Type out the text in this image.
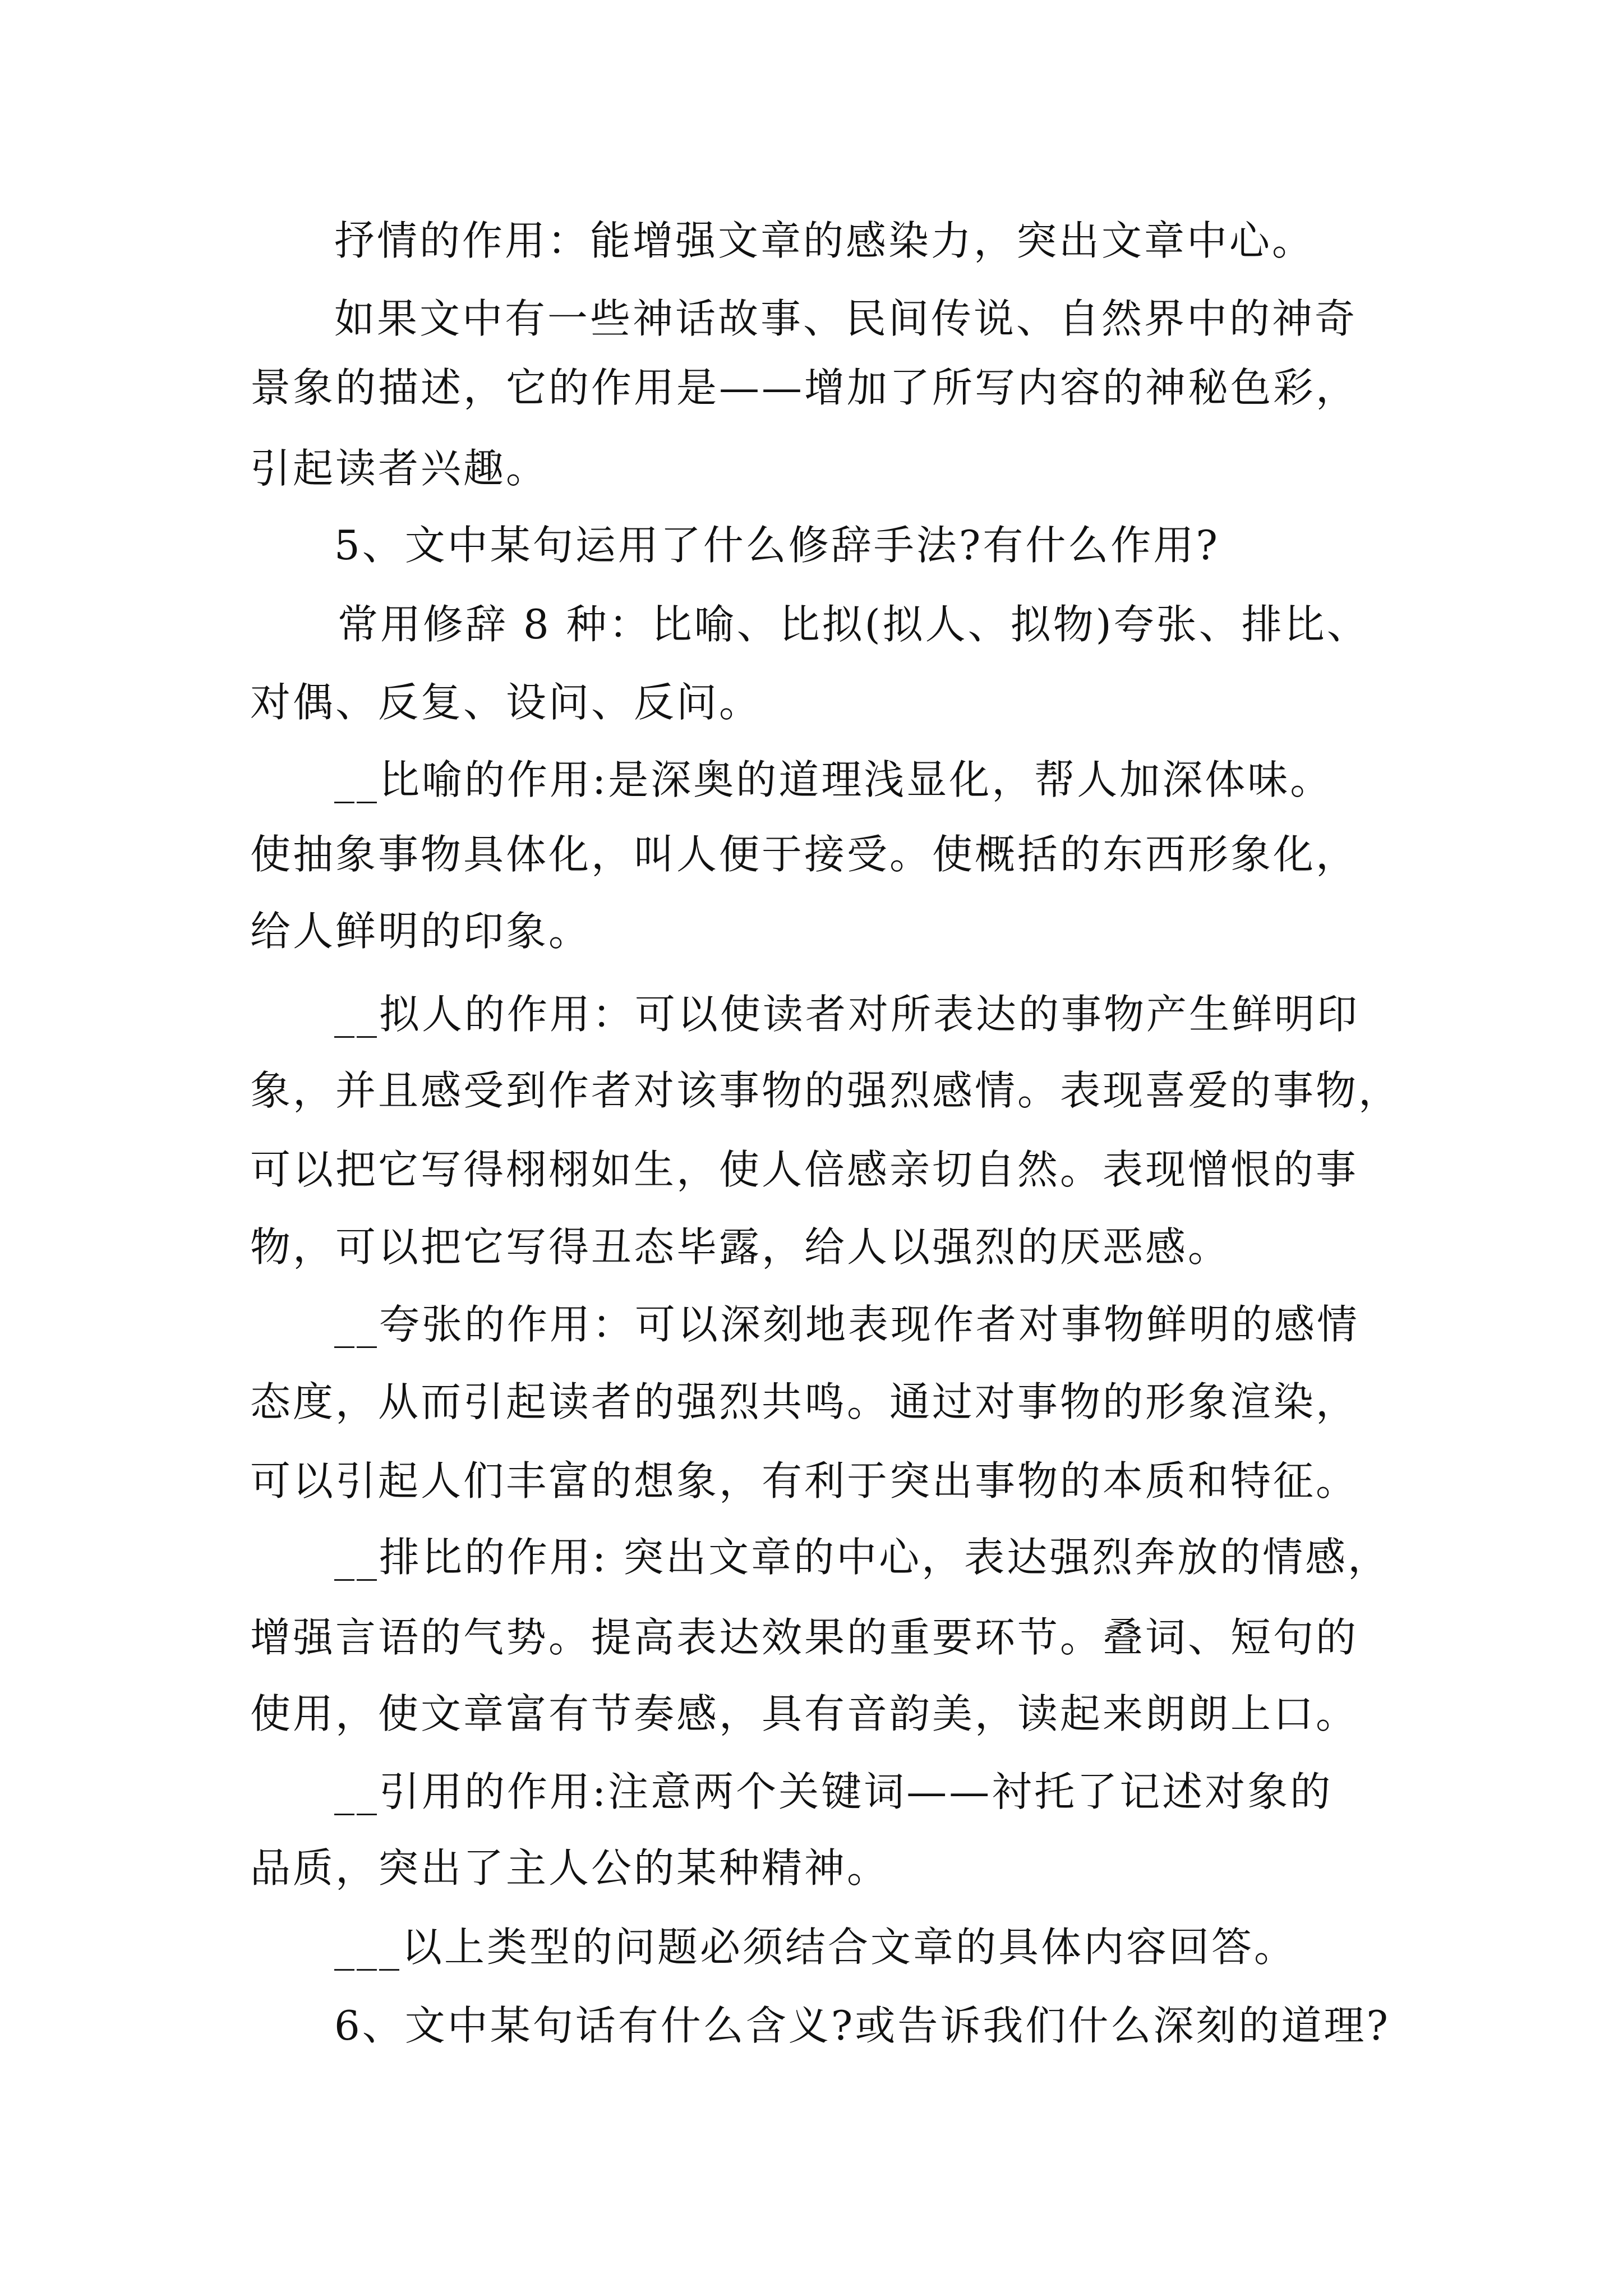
抒情的作用：能增强文章的感染力，突出文章中心。
如果文中有一些神话故事、民间传说、自然界中的神奇
景象的描述，它的作用是——增加了所写内容的神秘色彩，
引起读者兴趣。
5、文中某句运用了什么修辞手法?有什么作用?
常用修辞 8 种：比喻、比拟(拟人、拟物)夸张、排比、
对偶、反复、设问、反问。
__比喻的作用:是深奥的道理浅显化，帮人加深体味。
使抽象事物具体化，叫人便于接受。使概括的东西形象化，
给人鲜明的印象。
__拟人的作用：可以使读者对所表达的事物产生鲜明印
象，并且感受到作者对该事物的强烈感情。表现喜爱的事物，
可以把它写得栩栩如生，使人倍感亲切自然。表现憎恨的事
物，可以把它写得丑态毕露，给人以强烈的厌恶感。
__夸张的作用：可以深刻地表现作者对事物鲜明的感情
态度，从而引起读者的强烈共鸣。通过对事物的形象渲染，
可以引起人们丰富的想象，有利于突出事物的本质和特征。
__排比的作用: 突出文章的中心，表达强烈奔放的情感，
增强言语的气势。提高表达效果的重要环节。叠词、短句的
使用，使文章富有节奏感，具有音韵美，读起来朗朗上口。
__引用的作用:注意两个关键词——衬托了记述对象的
品质，突出了主人公的某种精神。
___以上类型的问题必须结合文章的具体内容回答。
6、文中某句话有什么含义?或告诉我们什么深刻的道理?
